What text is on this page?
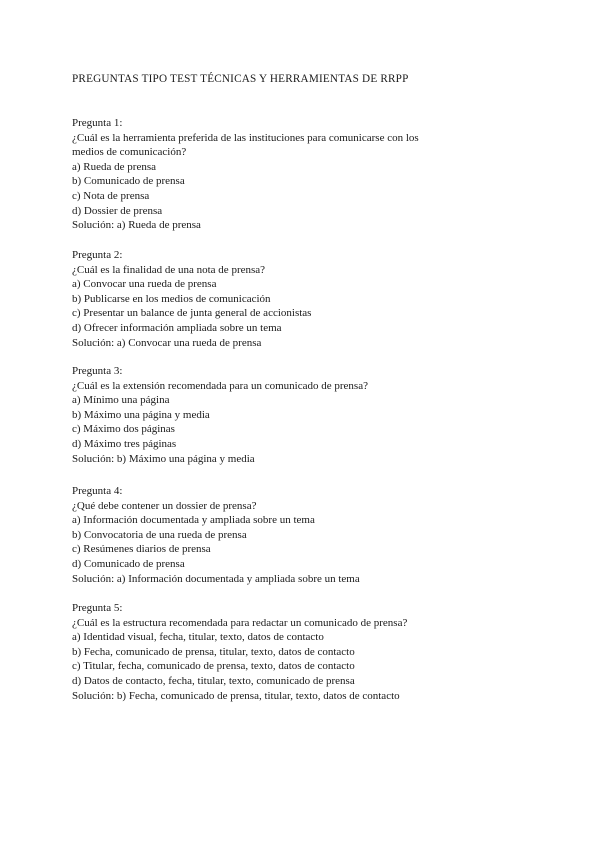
PREGUNTAS TIPO TEST TÉCNICAS Y HERRAMIENTAS DE RRPP
Pregunta 1:
¿Cuál es la herramienta preferida de las instituciones para comunicarse con los medios de comunicación?
a) Rueda de prensa
b) Comunicado de prensa
c) Nota de prensa
d) Dossier de prensa
Solución: a) Rueda de prensa
Pregunta 2:
¿Cuál es la finalidad de una nota de prensa?
a) Convocar una rueda de prensa
b) Publicarse en los medios de comunicación
c) Presentar un balance de junta general de accionistas
d) Ofrecer información ampliada sobre un tema
Solución: a) Convocar una rueda de prensa
Pregunta 3:
¿Cuál es la extensión recomendada para un comunicado de prensa?
a) Mínimo una página
b) Máximo una página y media
c) Máximo dos páginas
d) Máximo tres páginas
Solución: b) Máximo una página y media
Pregunta 4:
¿Qué debe contener un dossier de prensa?
a) Información documentada y ampliada sobre un tema
b) Convocatoria de una rueda de prensa
c) Resúmenes diarios de prensa
d) Comunicado de prensa
Solución: a) Información documentada y ampliada sobre un tema
Pregunta 5:
¿Cuál es la estructura recomendada para redactar un comunicado de prensa?
a) Identidad visual, fecha, titular, texto, datos de contacto
b) Fecha, comunicado de prensa, titular, texto, datos de contacto
c) Titular, fecha, comunicado de prensa, texto, datos de contacto
d) Datos de contacto, fecha, titular, texto, comunicado de prensa
Solución: b) Fecha, comunicado de prensa, titular, texto, datos de contacto
